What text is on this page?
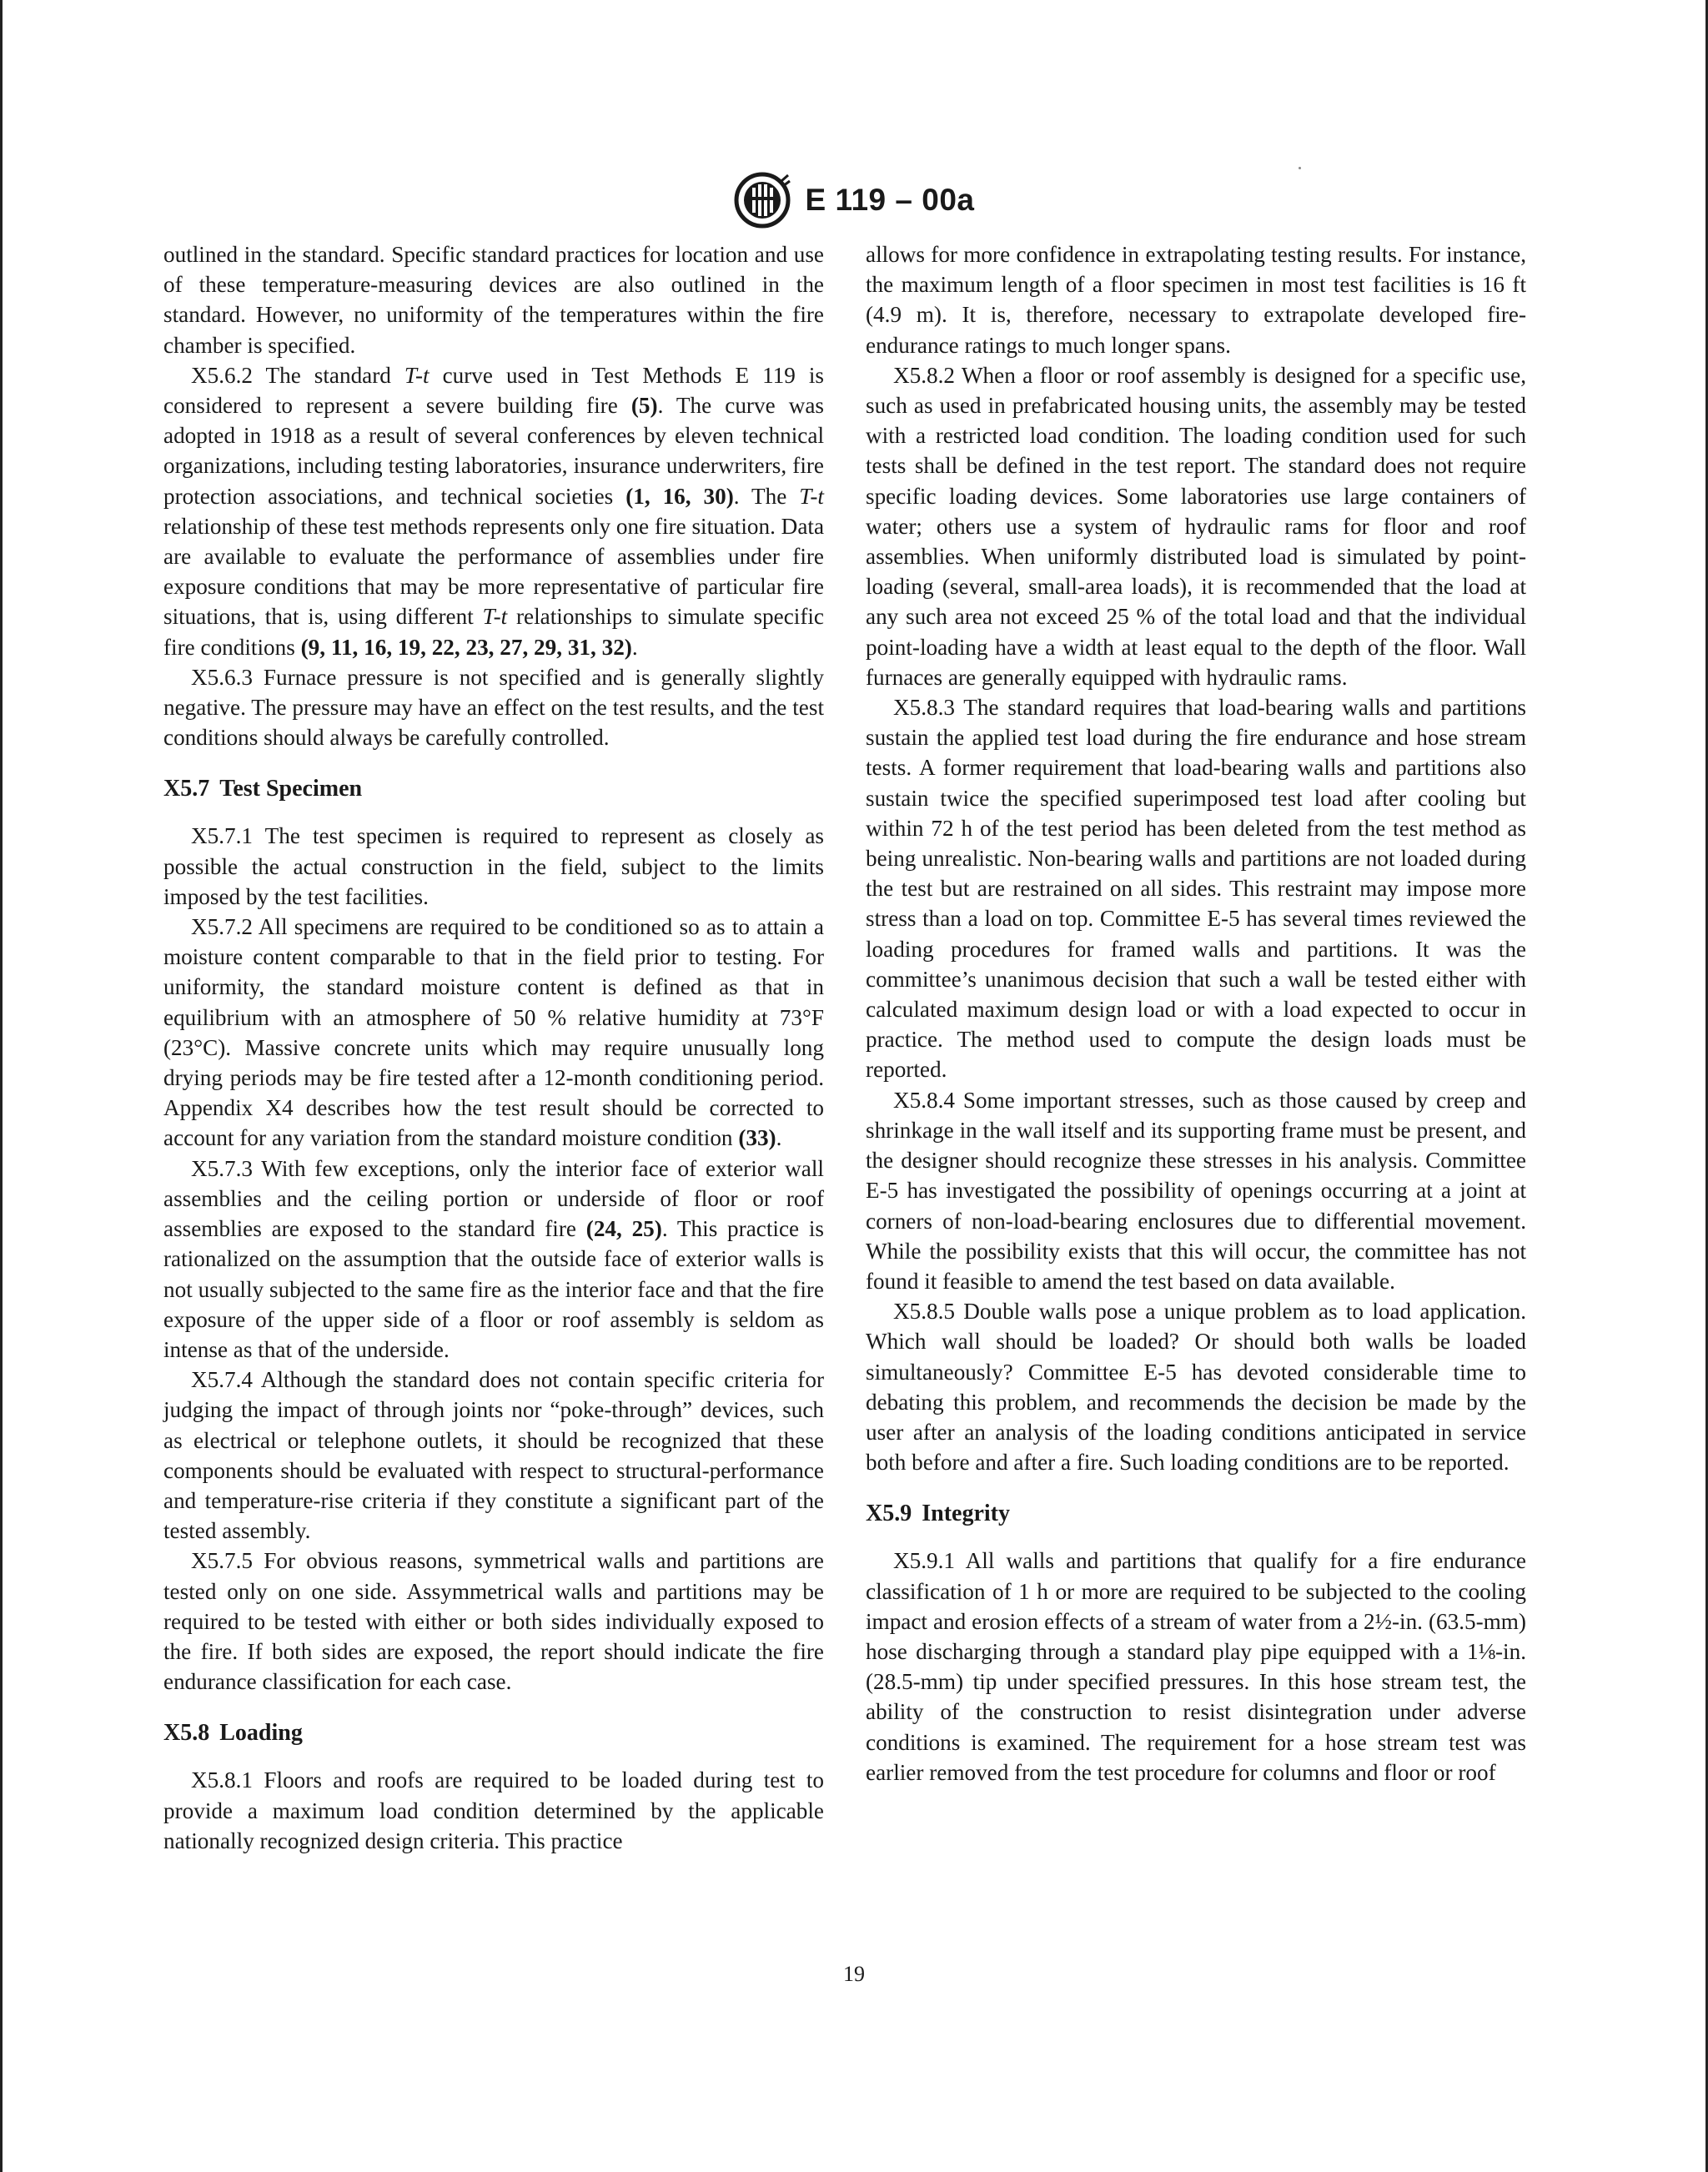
E 119 – 00a

outlined in the standard. Specific standard practices for location and use of these temperature-measuring devices are also outlined in the standard. However, no uniformity of the temperatures within the fire chamber is specified.

X5.6.2 The standard T-t curve used in Test Methods E 119 is considered to represent a severe building fire (5). The curve was adopted in 1918 as a result of several conferences by eleven technical organizations, including testing laboratories, insurance underwriters, fire protection associations, and technical societies (1, 16, 30). The T-t relationship of these test methods represents only one fire situation. Data are available to evaluate the performance of assemblies under fire exposure conditions that may be more representative of particular fire situations, that is, using different T-t relationships to simulate specific fire conditions (9, 11, 16, 19, 22, 23, 27, 29, 31, 32).

X5.6.3 Furnace pressure is not specified and is generally slightly negative. The pressure may have an effect on the test results, and the test conditions should always be carefully controlled.

X5.7 Test Specimen

X5.7.1 The test specimen is required to represent as closely as possible the actual construction in the field, subject to the limits imposed by the test facilities.

X5.7.2 All specimens are required to be conditioned so as to attain a moisture content comparable to that in the field prior to testing. For uniformity, the standard moisture content is defined as that in equilibrium with an atmosphere of 50 % relative humidity at 73°F (23°C). Massive concrete units which may require unusually long drying periods may be fire tested after a 12-month conditioning period. Appendix X4 describes how the test result should be corrected to account for any variation from the standard moisture condition (33).

X5.7.3 With few exceptions, only the interior face of exterior wall assemblies and the ceiling portion or underside of floor or roof assemblies are exposed to the standard fire (24, 25). This practice is rationalized on the assumption that the outside face of exterior walls is not usually subjected to the same fire as the interior face and that the fire exposure of the upper side of a floor or roof assembly is seldom as intense as that of the underside.

X5.7.4 Although the standard does not contain specific criteria for judging the impact of through joints nor “poke-through” devices, such as electrical or telephone outlets, it should be recognized that these components should be evaluated with respect to structural-performance and temperature-rise criteria if they constitute a significant part of the tested assembly.

X5.7.5 For obvious reasons, symmetrical walls and partitions are tested only on one side. Assymmetrical walls and partitions may be required to be tested with either or both sides individually exposed to the fire. If both sides are exposed, the report should indicate the fire endurance classification for each case.

X5.8 Loading

X5.8.1 Floors and roofs are required to be loaded during test to provide a maximum load condition determined by the applicable nationally recognized design criteria. This practice

allows for more confidence in extrapolating testing results. For instance, the maximum length of a floor specimen in most test facilities is 16 ft (4.9 m). It is, therefore, necessary to extrapolate developed fire-endurance ratings to much longer spans.

X5.8.2 When a floor or roof assembly is designed for a specific use, such as used in prefabricated housing units, the assembly may be tested with a restricted load condition. The loading condition used for such tests shall be defined in the test report. The standard does not require specific loading devices. Some laboratories use large containers of water; others use a system of hydraulic rams for floor and roof assemblies. When uniformly distributed load is simulated by point-loading (several, small-area loads), it is recommended that the load at any such area not exceed 25 % of the total load and that the individual point-loading have a width at least equal to the depth of the floor. Wall furnaces are generally equipped with hydraulic rams.

X5.8.3 The standard requires that load-bearing walls and partitions sustain the applied test load during the fire endurance and hose stream tests. A former requirement that load-bearing walls and partitions also sustain twice the specified superimposed test load after cooling but within 72 h of the test period has been deleted from the test method as being unrealistic. Non-bearing walls and partitions are not loaded during the test but are restrained on all sides. This restraint may impose more stress than a load on top. Committee E-5 has several times reviewed the loading procedures for framed walls and partitions. It was the committee’s unanimous decision that such a wall be tested either with calculated maximum design load or with a load expected to occur in practice. The method used to compute the design loads must be reported.

X5.8.4 Some important stresses, such as those caused by creep and shrinkage in the wall itself and its supporting frame must be present, and the designer should recognize these stresses in his analysis. Committee E-5 has investigated the possibility of openings occurring at a joint at corners of non-load-bearing enclosures due to differential movement. While the possibility exists that this will occur, the committee has not found it feasible to amend the test based on data available.

X5.8.5 Double walls pose a unique problem as to load application. Which wall should be loaded? Or should both walls be loaded simultaneously? Committee E-5 has devoted considerable time to debating this problem, and recommends the decision be made by the user after an analysis of the loading conditions anticipated in service both before and after a fire. Such loading conditions are to be reported.

X5.9 Integrity

X5.9.1 All walls and partitions that qualify for a fire endurance classification of 1 h or more are required to be subjected to the cooling impact and erosion effects of a stream of water from a 2½-in. (63.5-mm) hose discharging through a standard play pipe equipped with a 1⅛-in. (28.5-mm) tip under specified pressures. In this hose stream test, the ability of the construction to resist disintegration under adverse conditions is examined. The requirement for a hose stream test was earlier removed from the test procedure for columns and floor or roof

19
